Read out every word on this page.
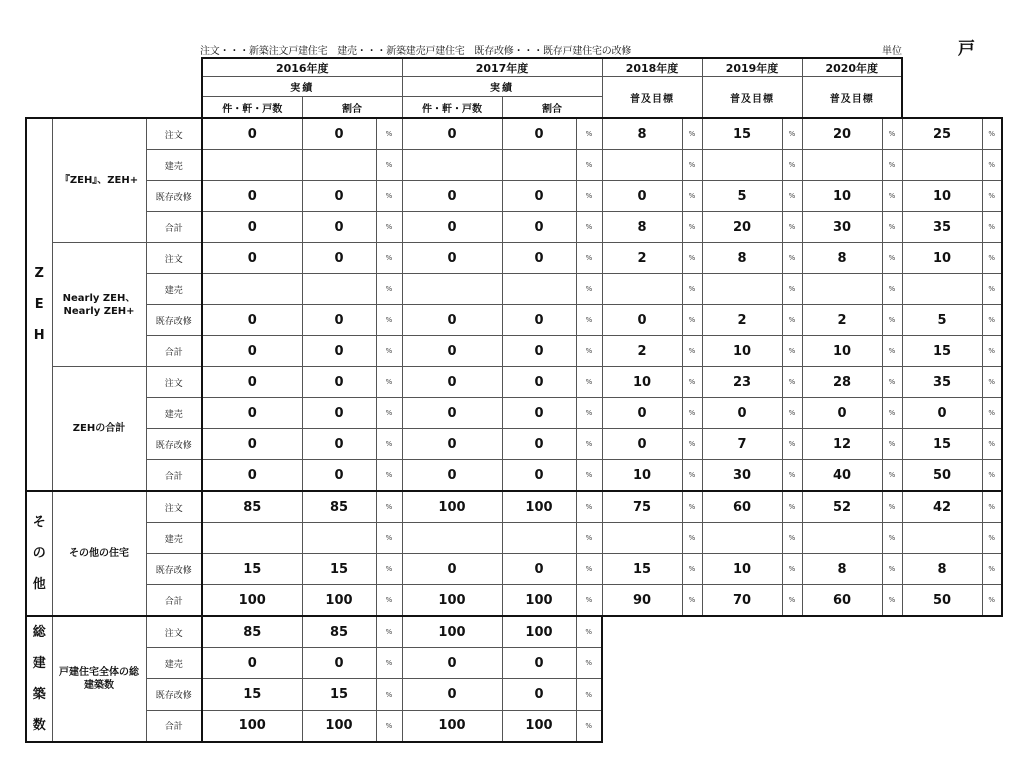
注文・・・新築注文戸建住宅　建売・・・新築建売戸建住宅　既存改修・・・既存戸建住宅の改修	単位	戸
			2016年度			2017年度			2018年度		2019年度		2020年度			
			実績			実績			普及目標		普及目標		普及目標			
			件・軒・戸数	割合		件・軒・戸数	割合									

Z
E
H	『ZEH』、ZEH+	注文	0	0	%	0	0	%	8	%	15	%	20	%	25	%
		建売			%			%		%		%		%		%
		既存改修	0	0	%	0	0	%	0	%	5	%	10	%	10	%
		合計	0	0	%	0	0	%	8	%	20	%	30	%	35	%
	Nearly ZEH、Nearly ZEH+	注文	0	0	%	0	0	%	2	%	8	%	8	%	10	%
		建売			%			%		%		%		%		%
		既存改修	0	0	%	0	0	%	0	%	2	%	2	%	5	%
		合計	0	0	%	0	0	%	2	%	10	%	10	%	15	%
	ZEHの合計	注文	0	0	%	0	0	%	10	%	23	%	28	%	35	%
		建売	0	0	%	0	0	%	0	%	0	%	0	%	0	%
		既存改修	0	0	%	0	0	%	0	%	7	%	12	%	15	%
		合計	0	0	%	0	0	%	10	%	30	%	40	%	50	%

そ
の
他	その他の住宅	注文	85	85	%	100	100	%	75	%	60	%	52	%	42	%
		建売			%			%		%		%		%		%
		既存改修	15	15	%	0	0	%	15	%	10	%	8	%	8	%
		合計	100	100	%	100	100	%	90	%	70	%	60	%	50	%

総
建
築
数	戸建住宅全体の総建築数	注文	85	85	%	100	100	%								
		建売	0	0	%	0	0	%								
		既存改修	15	15	%	0	0	%								
		合計	100	100	%	100	100	%								
